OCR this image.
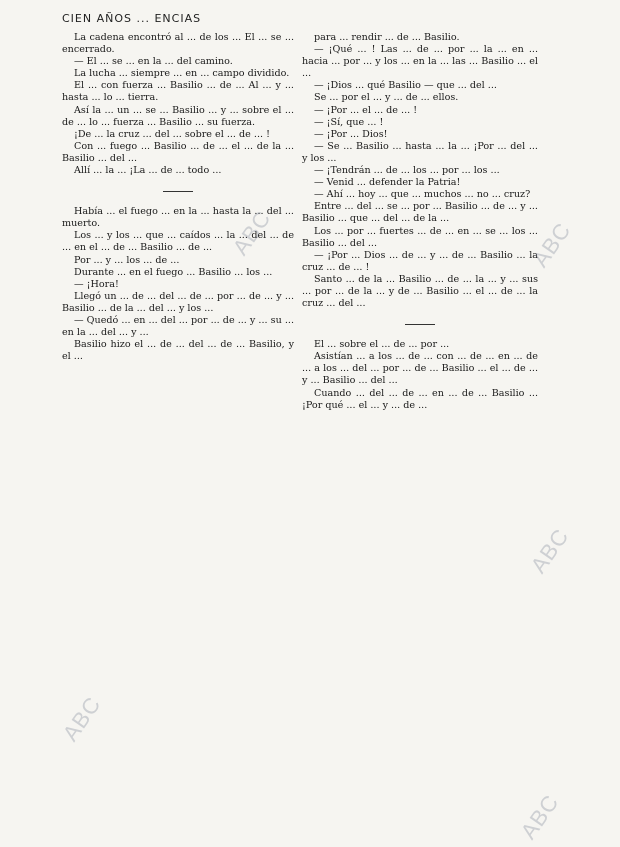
CIEN AÑOS ... ENCIAS

La cadena encontró al ... de los ... El ... se ... encerrado.

— El ... se ... en la ... del camino.

La lucha ... siempre ... en ... campo dividido.

El ... con fuerza ... Basilio ... de ... Al ... y ... hasta ... lo ... tierra.

Así la ... un ... se ... Basilio ... y ... sobre el ... de ... lo ... fuerza ... Basilio ... su fuerza.

¡De ... la cruz ... del ... sobre el ... de ... !

Con ... fuego ... Basilio ... de ... el ... de la ... Basilio ... del ...

Allí ... la ... ¡La ... de ... todo ...

Había ... el fuego ... en la ... hasta la ... del ... muerto.

Los ... y los ... que ... caídos ... la ... del ... de ... en el ... de ... Basilio ... de ...

Por ... y ... los ... de ...

Durante ... en el fuego ... Basilio ... los ...

— ¡Hora!

Llegó un ... de ... del ... de ... por ... de ... y ... Basilio ... de la ... del ... y los ...

— Quedó ... en ... del ... por ... de ... y ... su ... en la ... del ... y ...

Basilio hizo el ... de ... del ... de ... Basilio, y el ...

para ... rendir ... de ... Basilio.

— ¡Qué ... ! Las ... de ... por ... la ... en ... hacia ... por ... y los ... en la ... las ... Basilio ... el ...

— ¡Dios ... qué Basilio — que ... del ...

Se ... por el ... y ... de ... ellos.

— ¡Por ... el ... de ... !

— ¡Sí, que ... !

— ¡Por ... Dios!

— Se ... Basilio ... hasta ... la ... ¡Por ... del ... y los ...

— ¡Tendrán ... de ... los ... por ... los ...

— Venid ... defender la Patria!

— Ahí ... hoy ... que ... muchos ... no ... cruz?

Entre ... del ... se ... por ... Basilio ... de ... y ... Basilio ... que ... del ... de la ...

Los ... por ... fuertes ... de ... en ... se ... los ... Basilio ... del ...

— ¡Por ... Dios ... de ... y ... de ... Basilio ... la cruz ... de ... !

Santo ... de la ... Basilio ... de ... la ... y ... sus ... por ... de la ... y de ... Basilio ... el ... de ... la cruz ... del ...

El ... sobre el ... de ... por ...

Asistían ... a los ... de ... con ... de ... en ... de ... a los ... del ... por ... de ... Basilio ... el ... de ... y ... Basilio ... del ...

Cuando ... del ... de ... en ... de ... Basilio ... ¡Por qué ... el ... y ... de ...

ABC	ABC
ABC
ABC
ABC
